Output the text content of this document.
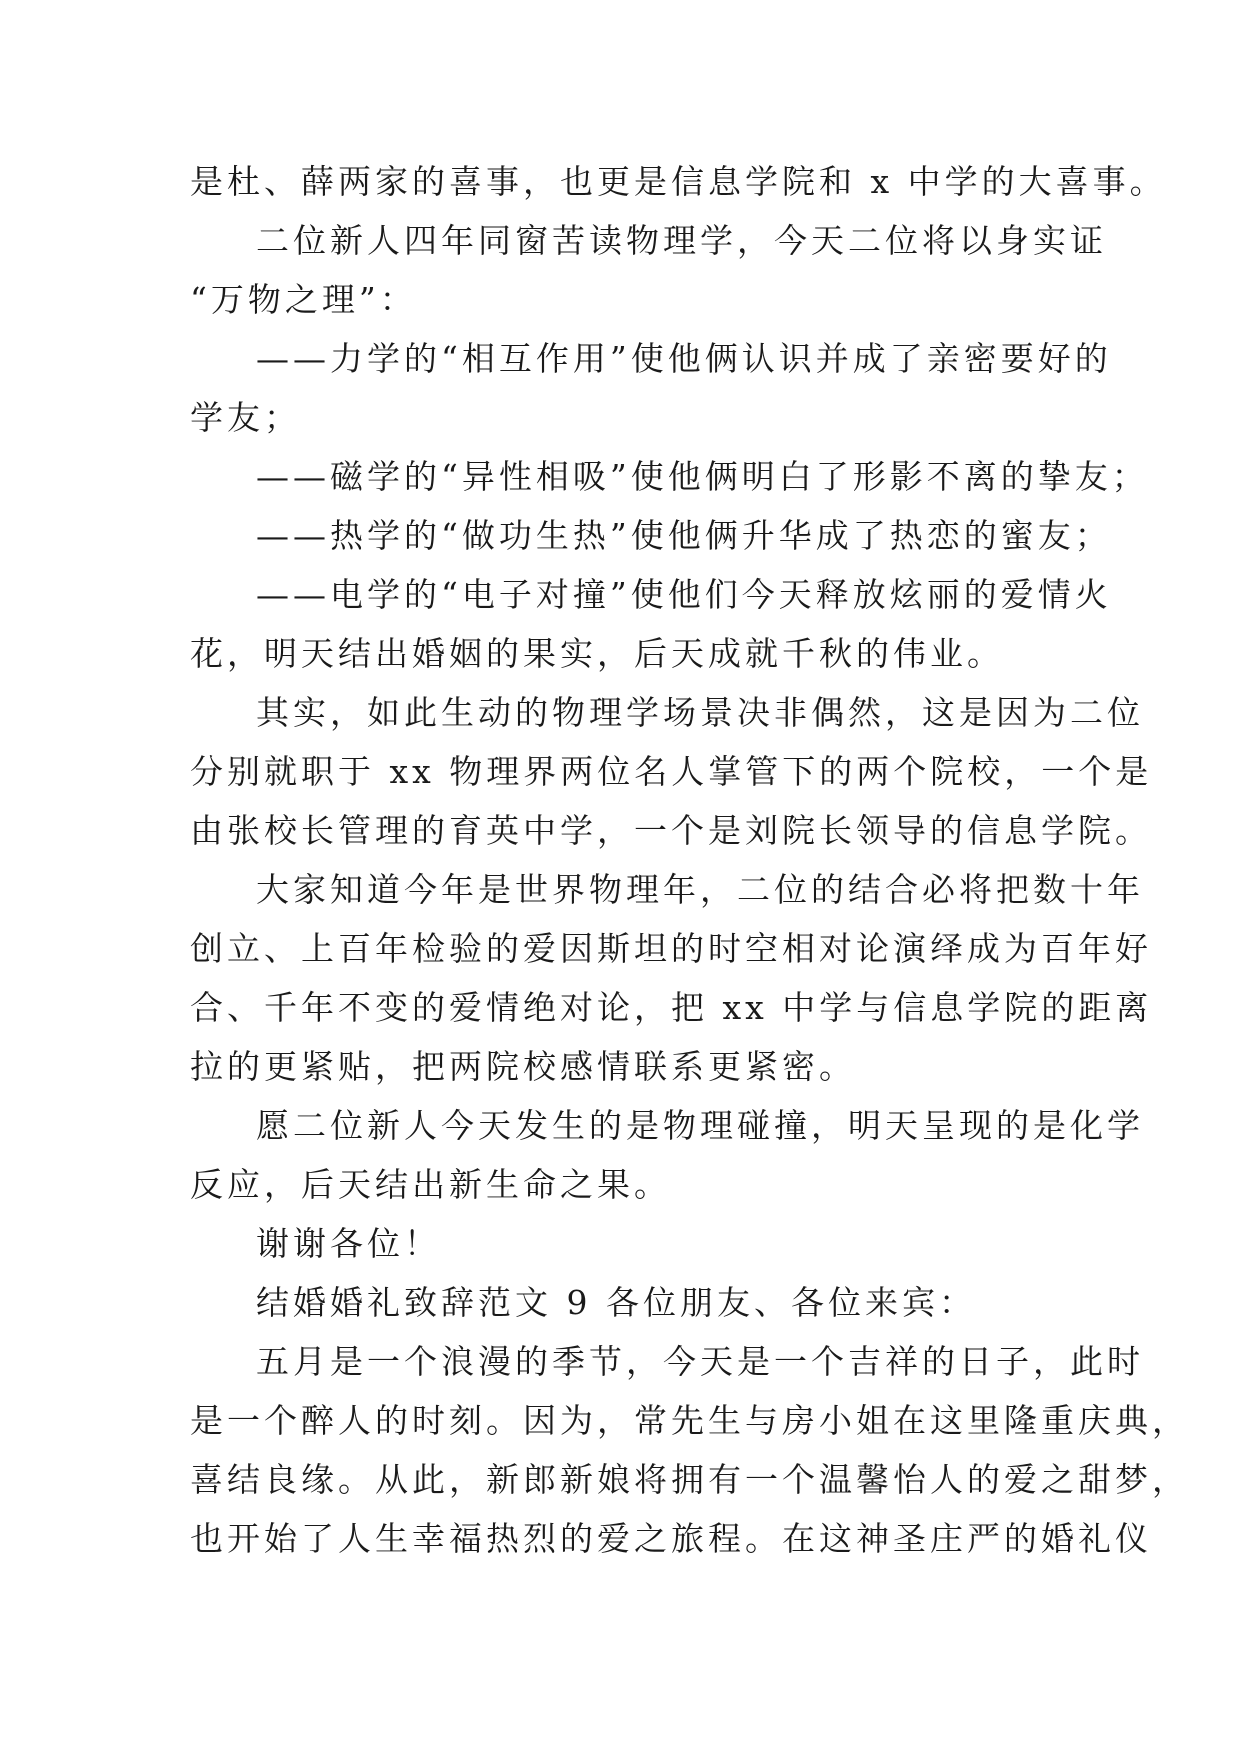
是杜、薛两家的喜事，也更是信息学院和 x 中学的大喜事。
二位新人四年同窗苦读物理学，今天二位将以身实证
“万物之理”：
——力学的“相互作用”使他俩认识并成了亲密要好的
学友；
——磁学的“异性相吸”使他俩明白了形影不离的挚友；
——热学的“做功生热”使他俩升华成了热恋的蜜友；
——电学的“电子对撞”使他们今天释放炫丽的爱情火
花，明天结出婚姻的果实，后天成就千秋的伟业。
其实，如此生动的物理学场景决非偶然，这是因为二位
分别就职于 xx 物理界两位名人掌管下的两个院校，一个是
由张校长管理的育英中学，一个是刘院长领导的信息学院。
大家知道今年是世界物理年，二位的结合必将把数十年
创立、上百年检验的爱因斯坦的时空相对论演绎成为百年好
合、千年不变的爱情绝对论，把 xx 中学与信息学院的距离
拉的更紧贴，把两院校感情联系更紧密。
愿二位新人今天发生的是物理碰撞，明天呈现的是化学
反应，后天结出新生命之果。
谢谢各位！
结婚婚礼致辞范文 9 各位朋友、各位来宾：
五月是一个浪漫的季节，今天是一个吉祥的日子，此时
是一个醉人的时刻。因为，常先生与房小姐在这里隆重庆典，
喜结良缘。从此，新郎新娘将拥有一个温馨怡人的爱之甜梦，
也开始了人生幸福热烈的爱之旅程。在这神圣庄严的婚礼仪
